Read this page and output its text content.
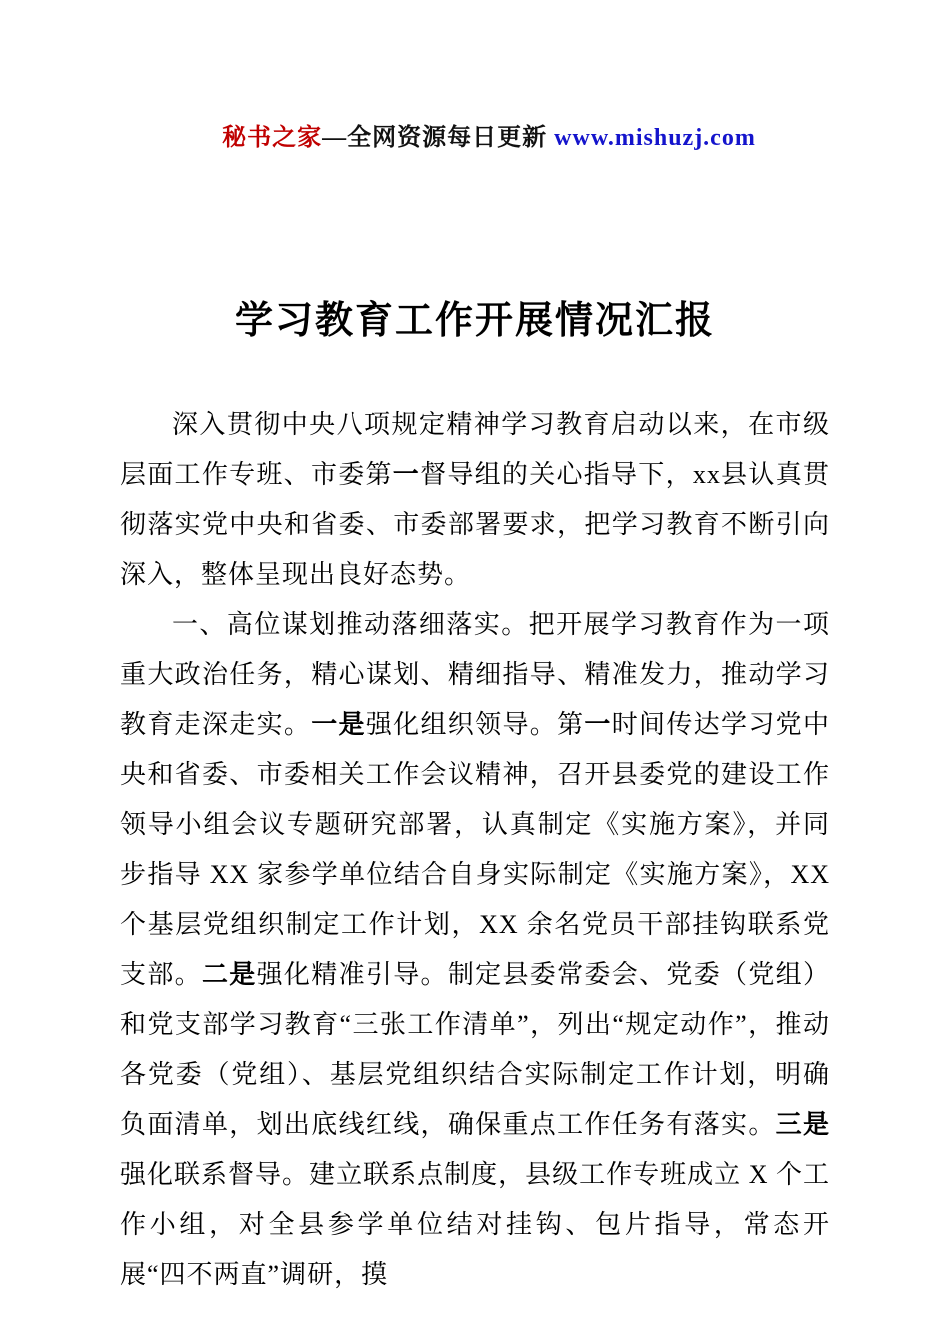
秘书之家—全网资源每日更新 www.mishuzj.com

学习教育工作开展情况汇报

深入贯彻中央八项规定精神学习教育启动以来，在市级层面工作专班、市委第一督导组的关心指导下，xx县认真贯彻落实党中央和省委、市委部署要求，把学习教育不断引向深入，整体呈现出良好态势。

一、高位谋划推动落细落实。把开展学习教育作为一项重大政治任务，精心谋划、精细指导、精准发力，推动学习教育走深走实。一是强化组织领导。第一时间传达学习党中央和省委、市委相关工作会议精神，召开县委党的建设工作领导小组会议专题研究部署，认真制定《实施方案》，并同步指导 XX 家参学单位结合自身实际制定《实施方案》，XX 个基层党组织制定工作计划，XX 余名党员干部挂钩联系党支部。二是强化精准引导。制定县委常委会、党委（党组）和党支部学习教育“三张工作清单”，列出“规定动作”，推动各党委（党组）、基层党组织结合实际制定工作计划，明确负面清单，划出底线红线，确保重点工作任务有落实。三是强化联系督导。建立联系点制度，县级工作专班成立 X 个工作小组，对全县参学单位结对挂钩、包片指导，常态开展“四不两直”调研，摸
